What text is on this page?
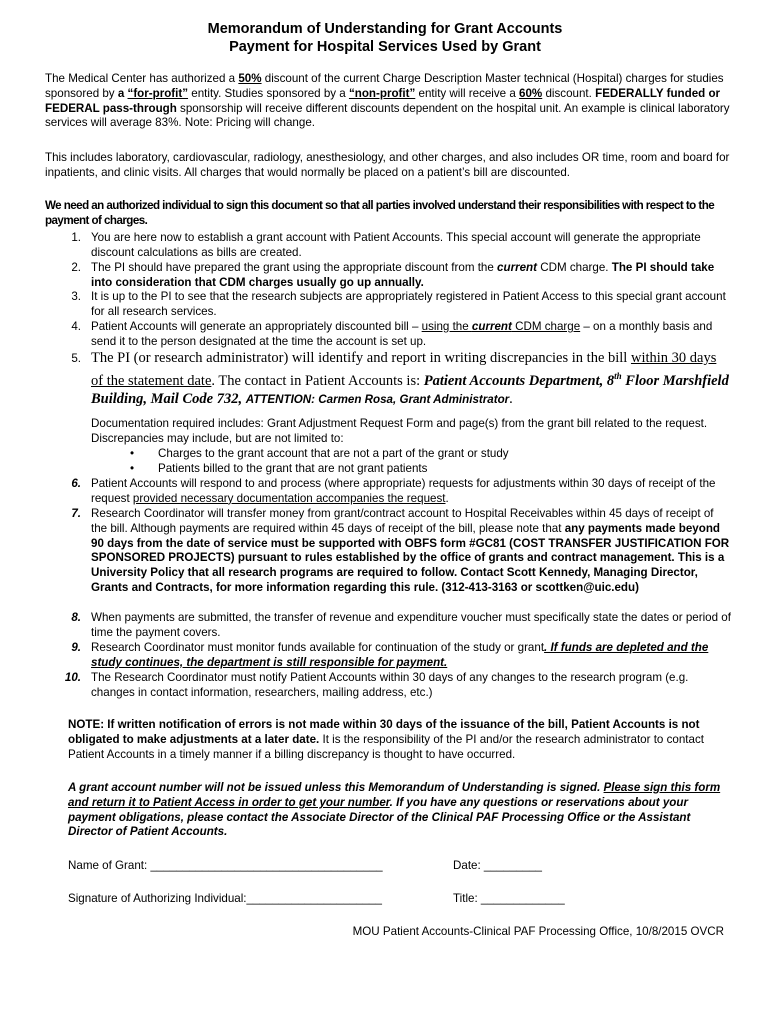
Memorandum of Understanding for Grant Accounts
Payment for Hospital Services Used by Grant
The Medical Center has authorized a 50% discount of the current Charge Description Master technical (Hospital) charges for studies sponsored by a “for-profit” entity. Studies sponsored by a “non-profit” entity will receive a 60% discount. FEDERALLY funded or FEDERAL pass-through sponsorship will receive different discounts dependent on the hospital unit. An example is clinical laboratory services will average 83%. Note: Pricing will change.
This includes laboratory, cardiovascular, radiology, anesthesiology, and other charges, and also includes OR time, room and board for inpatients, and clinic visits. All charges that would normally be placed on a patient’s bill are discounted.
We need an authorized individual to sign this document so that all parties involved understand their responsibilities with respect to the payment of charges.
1. You are here now to establish a grant account with Patient Accounts. This special account will generate the appropriate discount calculations as bills are created.
2. The PI should have prepared the grant using the appropriate discount from the current CDM charge. The PI should take into consideration that CDM charges usually go up annually.
3. It is up to the PI to see that the research subjects are appropriately registered in Patient Access to this special grant account for all research services.
4. Patient Accounts will generate an appropriately discounted bill – using the current CDM charge – on a monthly basis and send it to the person designated at the time the account is set up.
5. The PI (or research administrator) will identify and report in writing discrepancies in the bill within 30 days of the statement date. The contact in Patient Accounts is: Patient Accounts Department, 8th Floor Marshfield Building, Mail Code 732, ATTENTION: Carmen Rosa, Grant Administrator.
Documentation required includes: Grant Adjustment Request Form and page(s) from the grant bill related to the request. Discrepancies may include, but are not limited to:
• Charges to the grant account that are not a part of the grant or study
• Patients billed to the grant that are not grant patients
6. Patient Accounts will respond to and process (where appropriate) requests for adjustments within 30 days of receipt of the request provided necessary documentation accompanies the request.
7. Research Coordinator will transfer money from grant/contract account to Hospital Receivables within 45 days of receipt of the bill. Although payments are required within 45 days of receipt of the bill, please note that any payments made beyond 90 days from the date of service must be supported with OBFS form #GC81 (COST TRANSFER JUSTIFICATION FOR SPONSORED PROJECTS) pursuant to rules established by the office of grants and contract management. This is a University Policy that all research programs are required to follow. Contact Scott Kennedy, Managing Director, Grants and Contracts, for more information regarding this rule. (312-413-3163 or scottken@uic.edu)
8. When payments are submitted, the transfer of revenue and expenditure voucher must specifically state the dates or period of time the payment covers.
9. Research Coordinator must monitor funds available for continuation of the study or grant. If funds are depleted and the study continues, the department is still responsible for payment.
10. The Research Coordinator must notify Patient Accounts within 30 days of any changes to the research program (e.g. changes in contact information, researchers, mailing address, etc.)
NOTE: If written notification of errors is not made within 30 days of the issuance of the bill, Patient Accounts is not obligated to make adjustments at a later date. It is the responsibility of the PI and/or the research administrator to contact Patient Accounts in a timely manner if a billing discrepancy is thought to have occurred.
A grant account number will not be issued unless this Memorandum of Understanding is signed. Please sign this form and return it to Patient Access in order to get your number. If you have any questions or reservations about your payment obligations, please contact the Associate Director of the Clinical PAF Processing Office or the Assistant Director of Patient Accounts.
Name of Grant: ____________________________________	Date: _________
Signature of Authorizing Individual:_____________________	Title: _____________
MOU Patient Accounts-Clinical PAF Processing Office, 10/8/2015 OVCR
